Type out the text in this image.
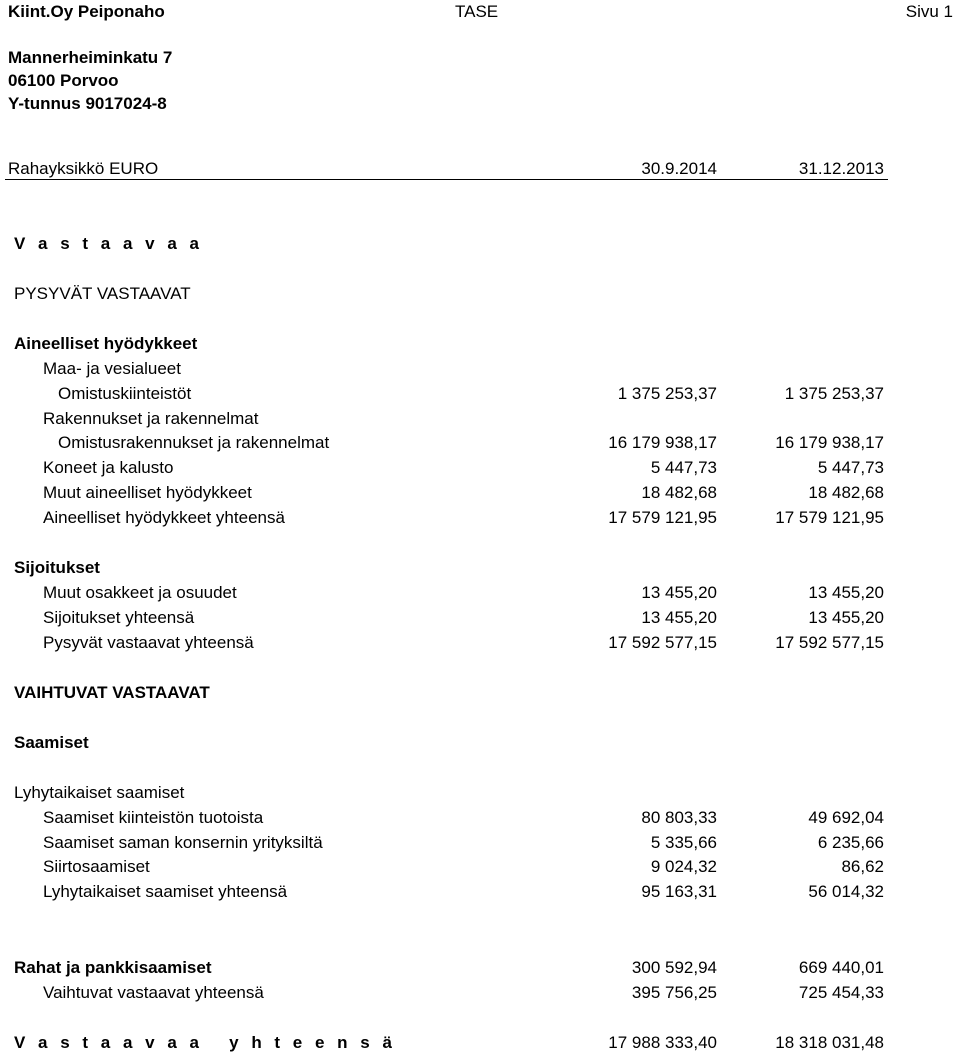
Kiint.Oy Peiponaho	TASE	Sivu 1
Mannerheiminkatu 7
06100 Porvoo
Y-tunnus 9017024-8
Rahayksikkö EURO	30.9.2014	31.12.2013
V a s t a a v a a
PYSYVÄT VASTAAVAT
Aineelliset hyödykkeet
Maa- ja vesialueet
Omistuskiinteistöt	1 375 253,37	1 375 253,37
Rakennukset ja rakennelmat
Omistusrakennukset ja rakennelmat	16 179 938,17	16 179 938,17
Koneet ja kalusto	5 447,73	5 447,73
Muut aineelliset hyödykkeet	18 482,68	18 482,68
Aineelliset hyödykkeet yhteensä	17 579 121,95	17 579 121,95
Sijoitukset
Muut osakkeet ja osuudet	13 455,20	13 455,20
Sijoitukset yhteensä	13 455,20	13 455,20
Pysyvät vastaavat yhteensä	17 592 577,15	17 592 577,15
VAIHTUVAT VASTAAVAT
Saamiset
Lyhytaikaiset saamiset
Saamiset kiinteistön tuotoista	80 803,33	49 692,04
Saamiset saman konsernin yrityksiltä	5 335,66	6 235,66
Siirtosaamiset	9 024,32	86,62
Lyhytaikaiset saamiset yhteensä	95 163,31	56 014,32
Rahat ja pankkisaamiset	300 592,94	669 440,01
Vaihtuvat vastaavat yhteensä	395 756,25	725 454,33
V a s t a a v a a   y h t e e n s ä	17 988 333,40	18 318 031,48
